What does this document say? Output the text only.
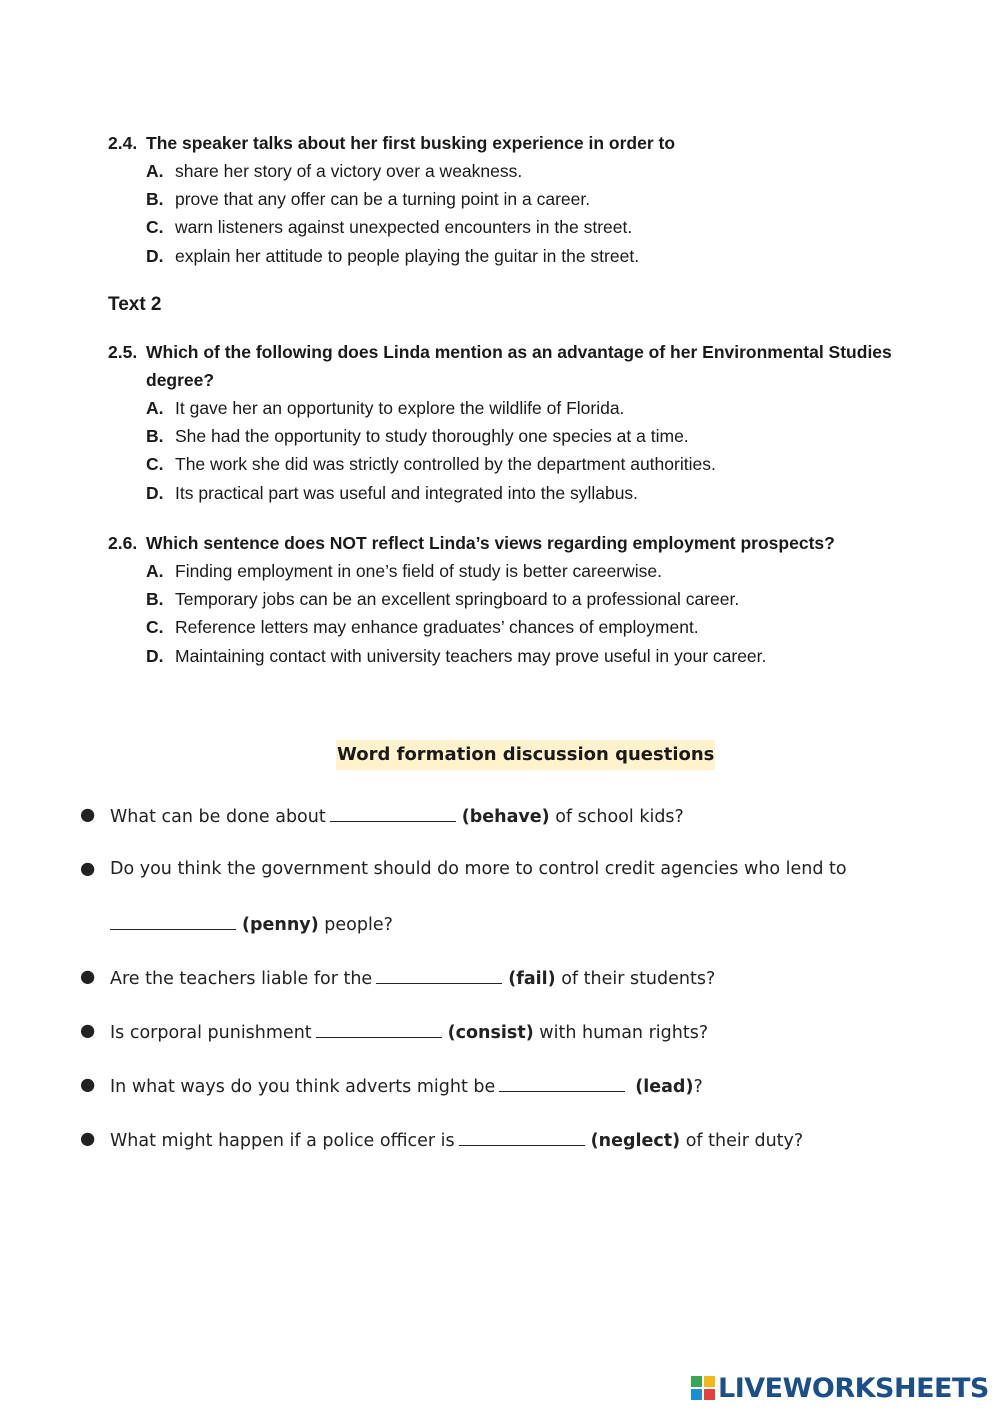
2.4. The speaker talks about her first busking experience in order to
A. share her story of a victory over a weakness.
B. prove that any offer can be a turning point in a career.
C. warn listeners against unexpected encounters in the street.
D. explain her attitude to people playing the guitar in the street.
Text 2
2.5. Which of the following does Linda mention as an advantage of her Environmental Studies degree?
A. It gave her an opportunity to explore the wildlife of Florida.
B. She had the opportunity to study thoroughly one species at a time.
C. The work she did was strictly controlled by the department authorities.
D. Its practical part was useful and integrated into the syllabus.
2.6. Which sentence does NOT reflect Linda’s views regarding employment prospects?
A. Finding employment in one’s field of study is better careerwise.
B. Temporary jobs can be an excellent springboard to a professional career.
C. Reference letters may enhance graduates’ chances of employment.
D. Maintaining contact with university teachers may prove useful in your career.
Word formation discussion questions
● What can be done about	(behave) of school kids?
● Do you think the government should do more to control credit agencies who lend to
(penny) people?
● Are the teachers liable for the	(fail) of their students?
● Is corporal punishment	(consist) with human rights?
● In what ways do you think adverts might be	(lead)?
● What might happen if a police officer is	(neglect) of their duty?
LIVEWORKSHEETS
